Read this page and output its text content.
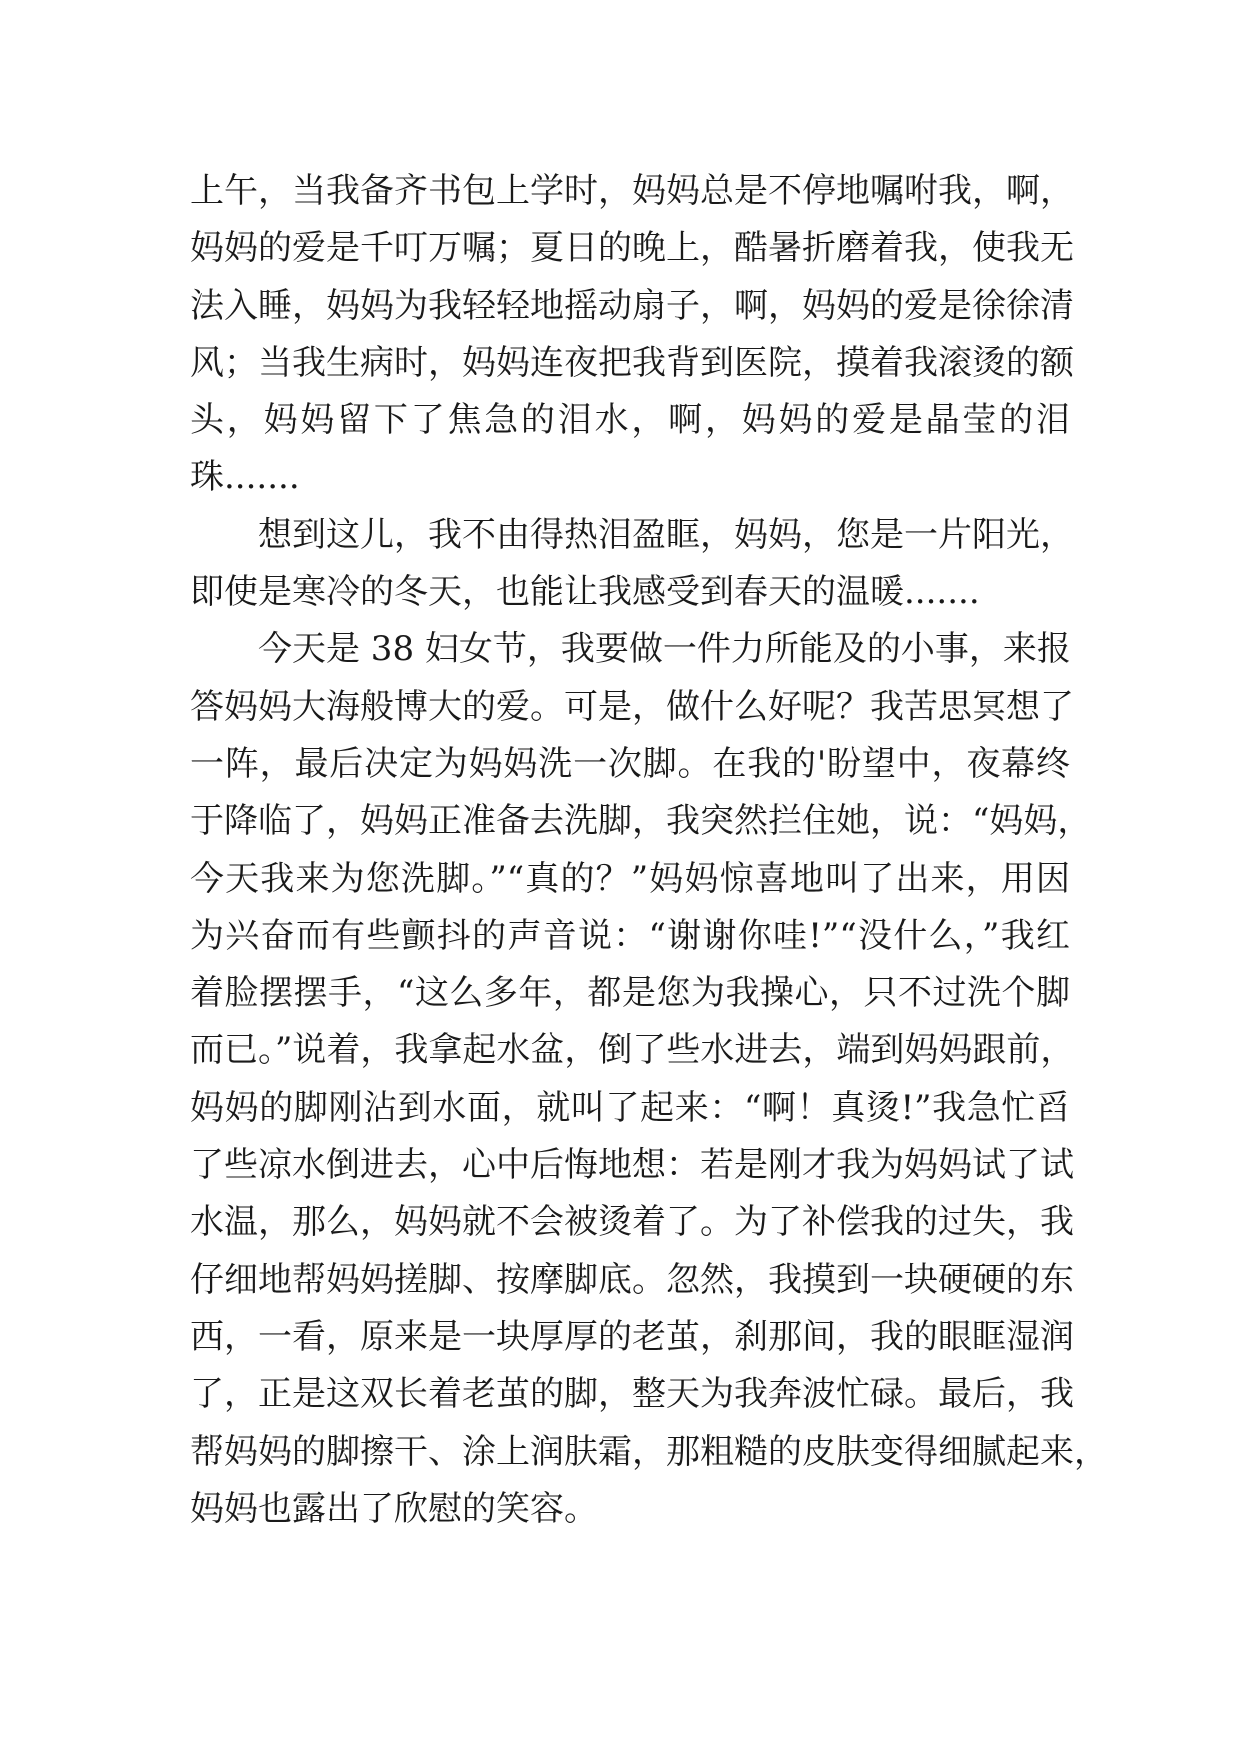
上午，当我备齐书包上学时，妈妈总是不停地嘱咐我，啊，
妈妈的爱是千叮万嘱；夏日的晚上，酷暑折磨着我，使我无
法入睡，妈妈为我轻轻地摇动扇子，啊，妈妈的爱是徐徐清
风；当我生病时，妈妈连夜把我背到医院，摸着我滚烫的额
头，妈妈留下了焦急的泪水，啊，妈妈的爱是晶莹的泪
珠.......
想到这儿，我不由得热泪盈眶，妈妈，您是一片阳光，
即使是寒冷的冬天，也能让我感受到春天的温暖.......
今天是 38 妇女节，我要做一件力所能及的小事，来报
答妈妈大海般博大的爱。可是，做什么好呢？我苦思冥想了
一阵，最后决定为妈妈洗一次脚。在我的'盼望中，夜幕终
于降临了，妈妈正准备去洗脚，我突然拦住她，说：“妈妈，
今天我来为您洗脚。”“真的？”妈妈惊喜地叫了出来，用因
为兴奋而有些颤抖的声音说：“谢谢你哇!”“没什么，”我红
着脸摆摆手，“这么多年，都是您为我操心，只不过洗个脚
而已。”说着，我拿起水盆，倒了些水进去，端到妈妈跟前，
妈妈的脚刚沾到水面，就叫了起来：“啊！真烫!”我急忙舀
了些凉水倒进去，心中后悔地想：若是刚才我为妈妈试了试
水温，那么，妈妈就不会被烫着了。为了补偿我的过失，我
仔细地帮妈妈搓脚、按摩脚底。忽然，我摸到一块硬硬的东
西，一看，原来是一块厚厚的老茧，刹那间，我的眼眶湿润
了，正是这双长着老茧的脚，整天为我奔波忙碌。最后，我
帮妈妈的脚擦干、涂上润肤霜，那粗糙的皮肤变得细腻起来，
妈妈也露出了欣慰的笑容。
